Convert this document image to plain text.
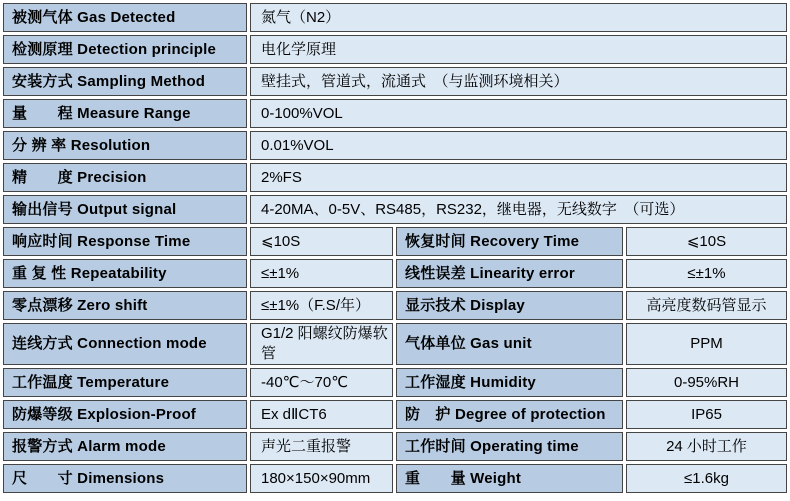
被测气体 Gas Detected	氮气（N2）		
检测原理 Detection principle	电化学原理		
安装方式 Sampling Method	壁挂式，管道式，流通式　（与监测环境相关）		
量　　程 Measure Range	0-100%VOL		
分 辨 率 Resolution	0.01%VOL		
精　　度 Precision	2%FS		
输出信号 Output signal	4-20MA、0-5V、RS485，RS232，继电器，无线数字　（可选）		
响应时间 Response Time	⩽10S	恢复时间 Recovery Time	⩽10S
重 复 性 Repeatability	≤±1%	线性误差 Linearity error	≤±1%
零点漂移 Zero shift	≤±1%（F.S/年）	显示技术 Display	高亮度数码管显示
连线方式 Connection mode	G1/2 阳螺纹防爆软管	气体单位 Gas unit	PPM
工作温度 Temperature	-40℃～70℃	工作湿度 Humidity	0-95%RH
防爆等级 Explosion-Proof	Ex dⅡCT6	防　护 Degree of protection	IP65
报警方式 Alarm mode	声光二重报警	工作时间 Operating time	24 小时工作
尺　　寸 Dimensions	180×150×90mm	重　　量 Weight	≤1.6kg
